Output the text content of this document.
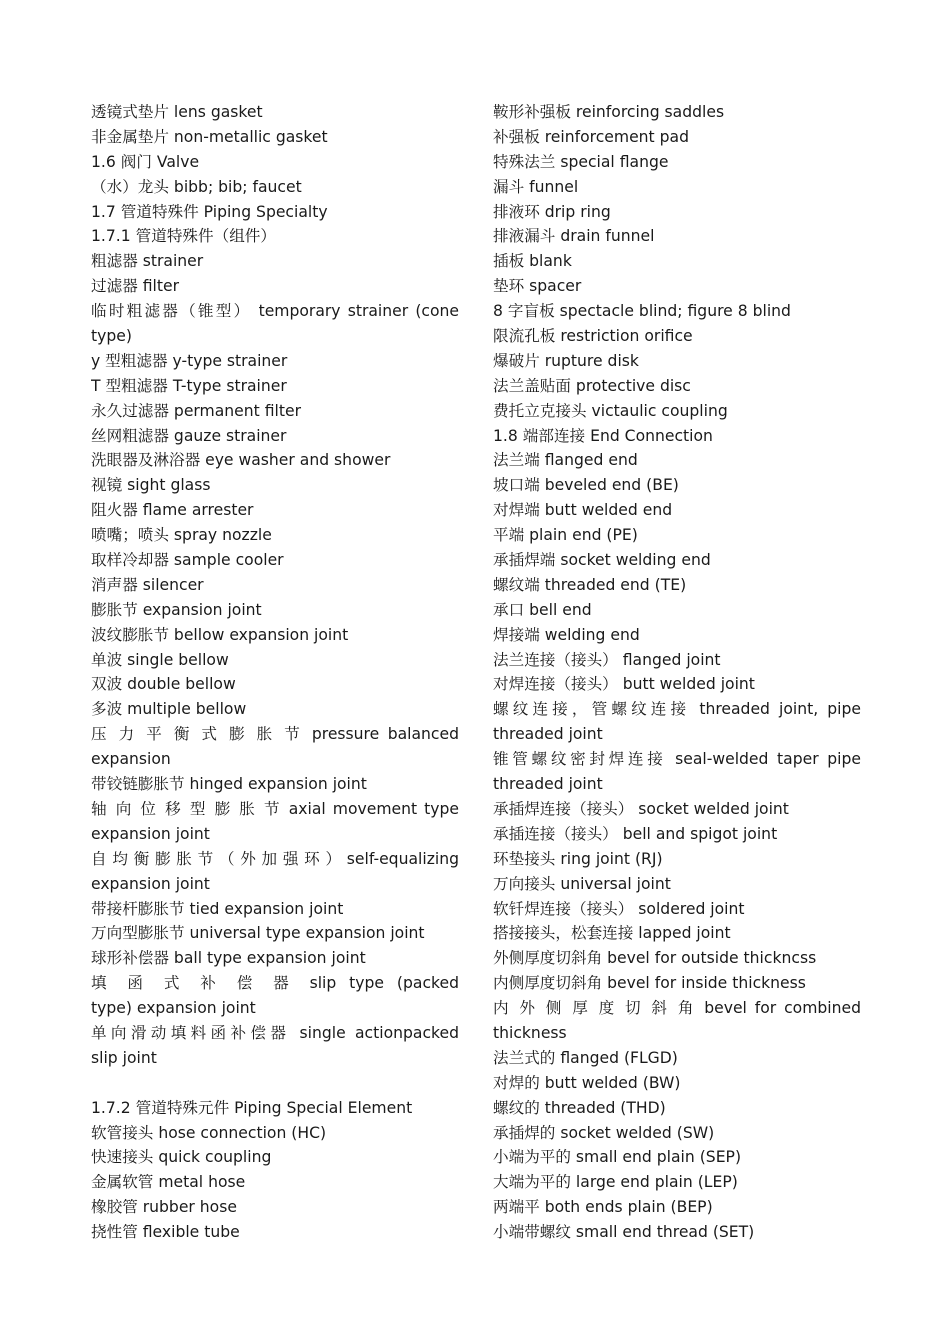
透镜式垫片 lens gasket
非金属垫片 non-metallic gasket
1.6 阀门 Valve
（水）龙头 bibb; bib; faucet
1.7 管道特殊件 Piping Specialty
1.7.1 管道特殊件（组件）
粗滤器 strainer
过滤器 filter
临时粗滤器（锥型） temporary strainer (cone
type)
y 型粗滤器 y-type strainer
T 型粗滤器 T-type strainer
永久过滤器 permanent filter
丝网粗滤器 gauze strainer
洗眼器及淋浴器 eye washer and shower
视镜 sight glass
阻火器 flame arrester
喷嘴；喷头 spray nozzle
取样冷却器 sample cooler
消声器 silencer
膨胀节 expansion joint
波纹膨胀节 bellow expansion joint
单波 single bellow
双波 double bellow
多波 multiple bellow
压 力 平 衡 式 膨 胀 节 pressure balanced
expansion
带铰链膨胀节 hinged expansion joint
轴 向 位 移 型 膨 胀 节 axial movement type
expansion joint
自 均 衡 膨 胀 节 （ 外 加 强 环 ） self-equalizing
expansion joint
带接杆膨胀节 tied expansion joint
万向型膨胀节 universal type expansion joint
球形补偿器 ball type expansion joint
填 函 式 补 偿 器 slip type (packed
type) expansion joint
单向滑动填料函补偿器 single actionpacked
slip joint
1.7.2 管道特殊元件 Piping Special Element
软管接头 hose connection (HC)
快速接头 quick coupling
金属软管 metal hose
橡胶管 rubber hose
挠性管 flexible tube
鞍形补强板 reinforcing saddles
补强板 reinforcement pad
特殊法兰 special flange
漏斗 funnel
排液环 drip ring
排液漏斗 drain funnel
插板 blank
垫环 spacer
8 字盲板 spectacle blind; figure 8 blind
限流孔板 restriction orifice
爆破片 rupture disk
法兰盖贴面 protective disc
费托立克接头 victaulic coupling
1.8 端部连接 End Connection
法兰端 flanged end
坡口端 beveled end (BE)
对焊端 butt welded end
平端 plain end (PE)
承插焊端 socket welding end
螺纹端 threaded end (TE)
承口 bell end
焊接端 welding end
法兰连接（接头） flanged joint
对焊连接（接头） butt welded joint
螺纹连接，管螺纹连接 threaded joint, pipe
threaded joint
锥管螺纹密封焊连接 seal-welded taper pipe
threaded joint
承插焊连接（接头） socket welded joint
承插连接（接头） bell and spigot joint
环垫接头 ring joint (RJ)
万向接头 universal joint
软钎焊连接（接头） soldered joint
搭接接头，松套连接 lapped joint
外侧厚度切斜角 bevel for outside thickncss
内侧厚度切斜角 bevel for inside thickness
内 外 侧 厚 度 切 斜 角 bevel for combined
thickness
法兰式的 flanged (FLGD)
对焊的 butt welded (BW)
螺纹的 threaded (THD)
承插焊的 socket welded (SW)
小端为平的 small end plain (SEP)
大端为平的 large end plain (LEP)
两端平 both ends plain (BEP)
小端带螺纹 small end thread (SET)
